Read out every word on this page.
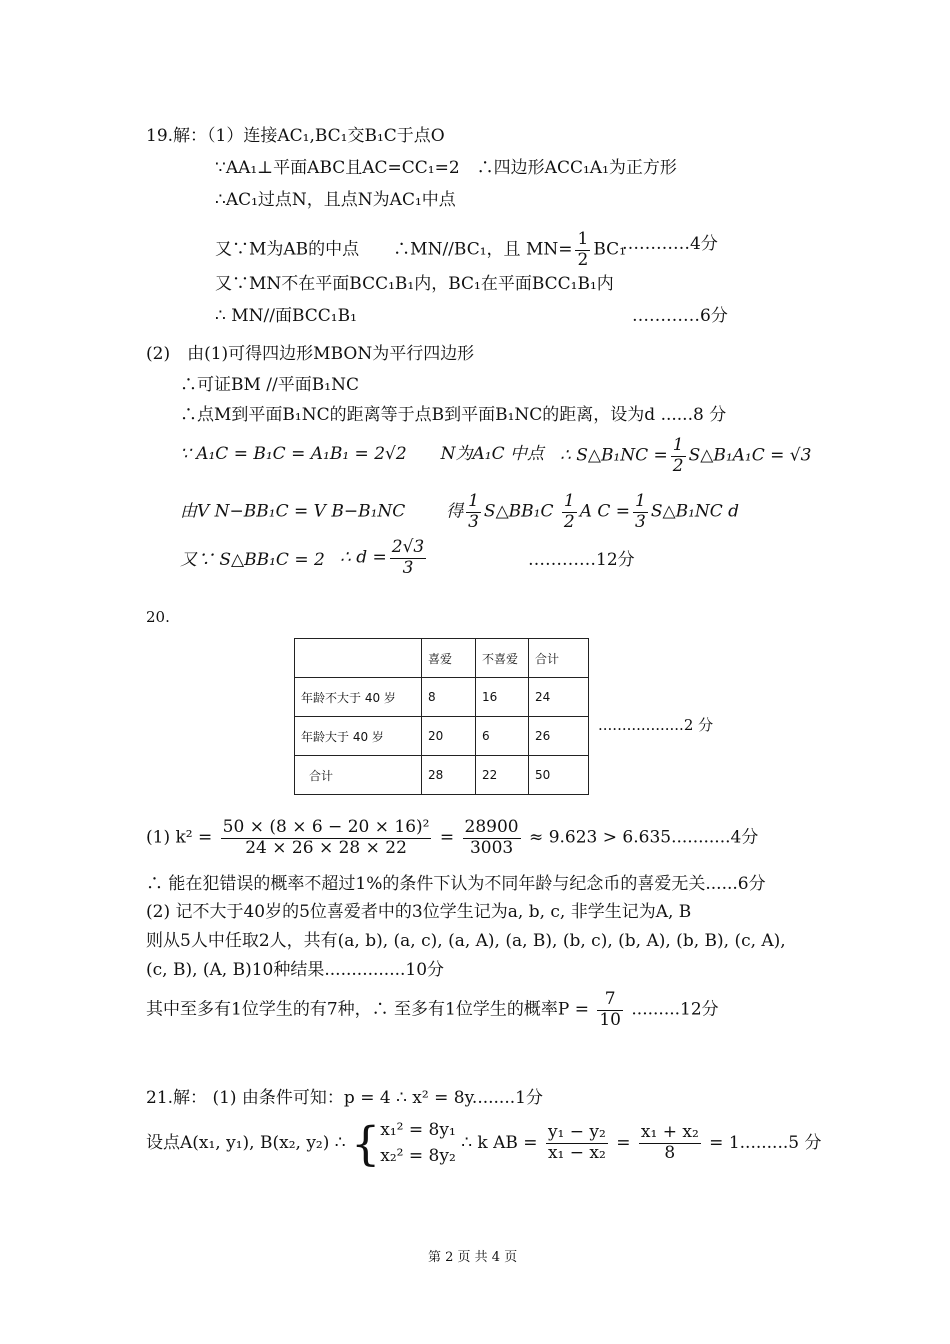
19.解：（1）连接AC₁,BC₁交B₁C于点O
∵AA₁⊥平面ABC且AC=CC₁=2　∴四边形ACC₁A₁为正方形
∴AC₁过点N，且点N为AC₁中点
又∵M为AB的中点　　∴MN//BC₁，且 $MN= \frac{1}{2} BC_1$
…………4分
又∵MN不在平面BCC₁B₁内，BC₁在平面BCC₁B₁内
∴ MN//面BCC₁B₁	…………6分
(2)　由(1)可得四边形MBON为平行四边形
∴可证BM //平面B₁NC
∴点M到平面B₁NC的距离等于点B到平面B₁NC的距离，设为d ......8 分
∵ A₁C = B₁C = A₁B₁ = 2√2　　N为A₁C 中点 ∴ S△B₁NC = $\frac{1}{2}$ S△B₁A₁C = √3
由V N−BB₁C = V B−B₁NC 得 $\frac{1}{3}$ S△BB₁C $\frac{1}{2}$ A $C = \frac{1}{3}$ S△B₁NC d
又∵ S△BB₁C = 2 ∴ $d = \frac{2√3}{3}$	…………12分
20.
	喜爱	不喜爱	合计
年龄不大于 40 岁	8	16	24
年龄大于 40 岁	20	6	26
合计	28	22	50
..................2 分
(1) $k^2 = \frac{\text{50 × (8 × 6 − 20 × 16)²}}{24 \times 26 \times 28 \times 22} = \frac{28900}{3003} \approx 9.623 > 6.635...........4$分
∴ 能在犯错误的概率不超过1%的条件下认为不同年龄与纪念币的喜爱无关......6分
(2) 记不大于40岁的5位喜爱者中的3位学生记为a, b, c, 非学生记为A, B
则从5人中任取2人，共有(a, b), (a, c), (a, A), (a, B), (b, c), (b, A), (b, B), (c, A),
(c, B), (A, B)10种结果...............10分
其中至多有1位学生的有7种，∴ 至多有1位学生的概率$P = \frac{7}{10} .........12$分
21.解： (1) 由条件可知：p = 4 ∴ x² = 8y........1分
设点A(x₁, y₁), B(x₂, y₂) ∴ { x₁² = 8y₁
x₂² = 8y₂
∴ k AB = $\frac{\text{y₁ − y₂}}{\text{x₁ − x₂}} = \frac{\text{x₁ + x₂}}{8} = 1.........5$ 分
第 2 页 共 4 页
